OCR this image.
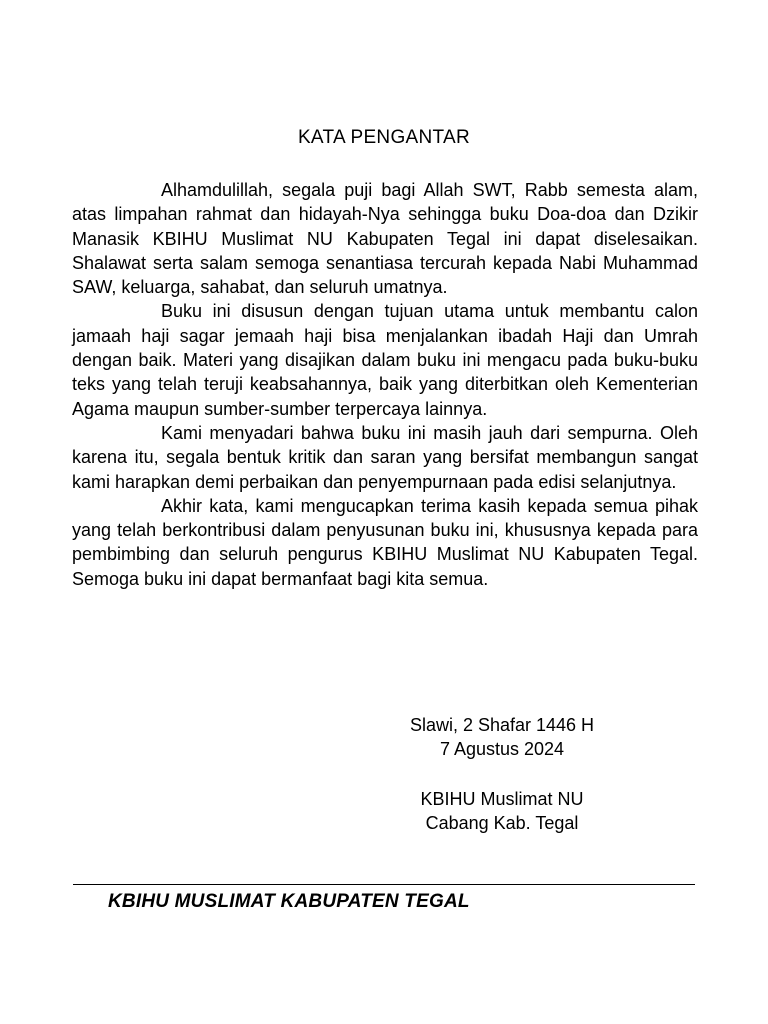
KATA PENGANTAR

Alhamdulillah, segala puji bagi Allah SWT, Rabb semesta alam, atas limpahan rahmat dan hidayah-Nya sehingga buku Doa-doa dan Dzikir Manasik KBIHU Muslimat NU Kabupaten Tegal ini dapat diselesaikan. Shalawat serta salam semoga senantiasa tercurah kepada Nabi Muhammad SAW, keluarga, sahabat, dan seluruh umatnya.

Buku ini disusun dengan tujuan utama untuk membantu calon jamaah haji sagar jemaah haji bisa menjalankan ibadah Haji dan Umrah dengan baik. Materi yang disajikan dalam buku ini mengacu pada buku-buku teks yang telah teruji keabsahannya, baik yang diterbitkan oleh Kementerian Agama maupun sumber-sumber terpercaya lainnya.

Kami menyadari bahwa buku ini masih jauh dari sempurna. Oleh karena itu, segala bentuk kritik dan saran yang bersifat membangun sangat kami harapkan demi perbaikan dan penyempurnaan pada edisi selanjutnya.

Akhir kata, kami mengucapkan terima kasih kepada semua pihak yang telah berkontribusi dalam penyusunan buku ini, khususnya kepada para pembimbing dan seluruh pengurus KBIHU Muslimat NU Kabupaten Tegal. Semoga buku ini dapat bermanfaat bagi kita semua.

Slawi, 2 Shafar 1446 H
7 Agustus 2024
KBIHU Muslimat NU
Cabang Kab. Tegal
KBIHU MUSLIMAT KABUPATEN TEGAL
